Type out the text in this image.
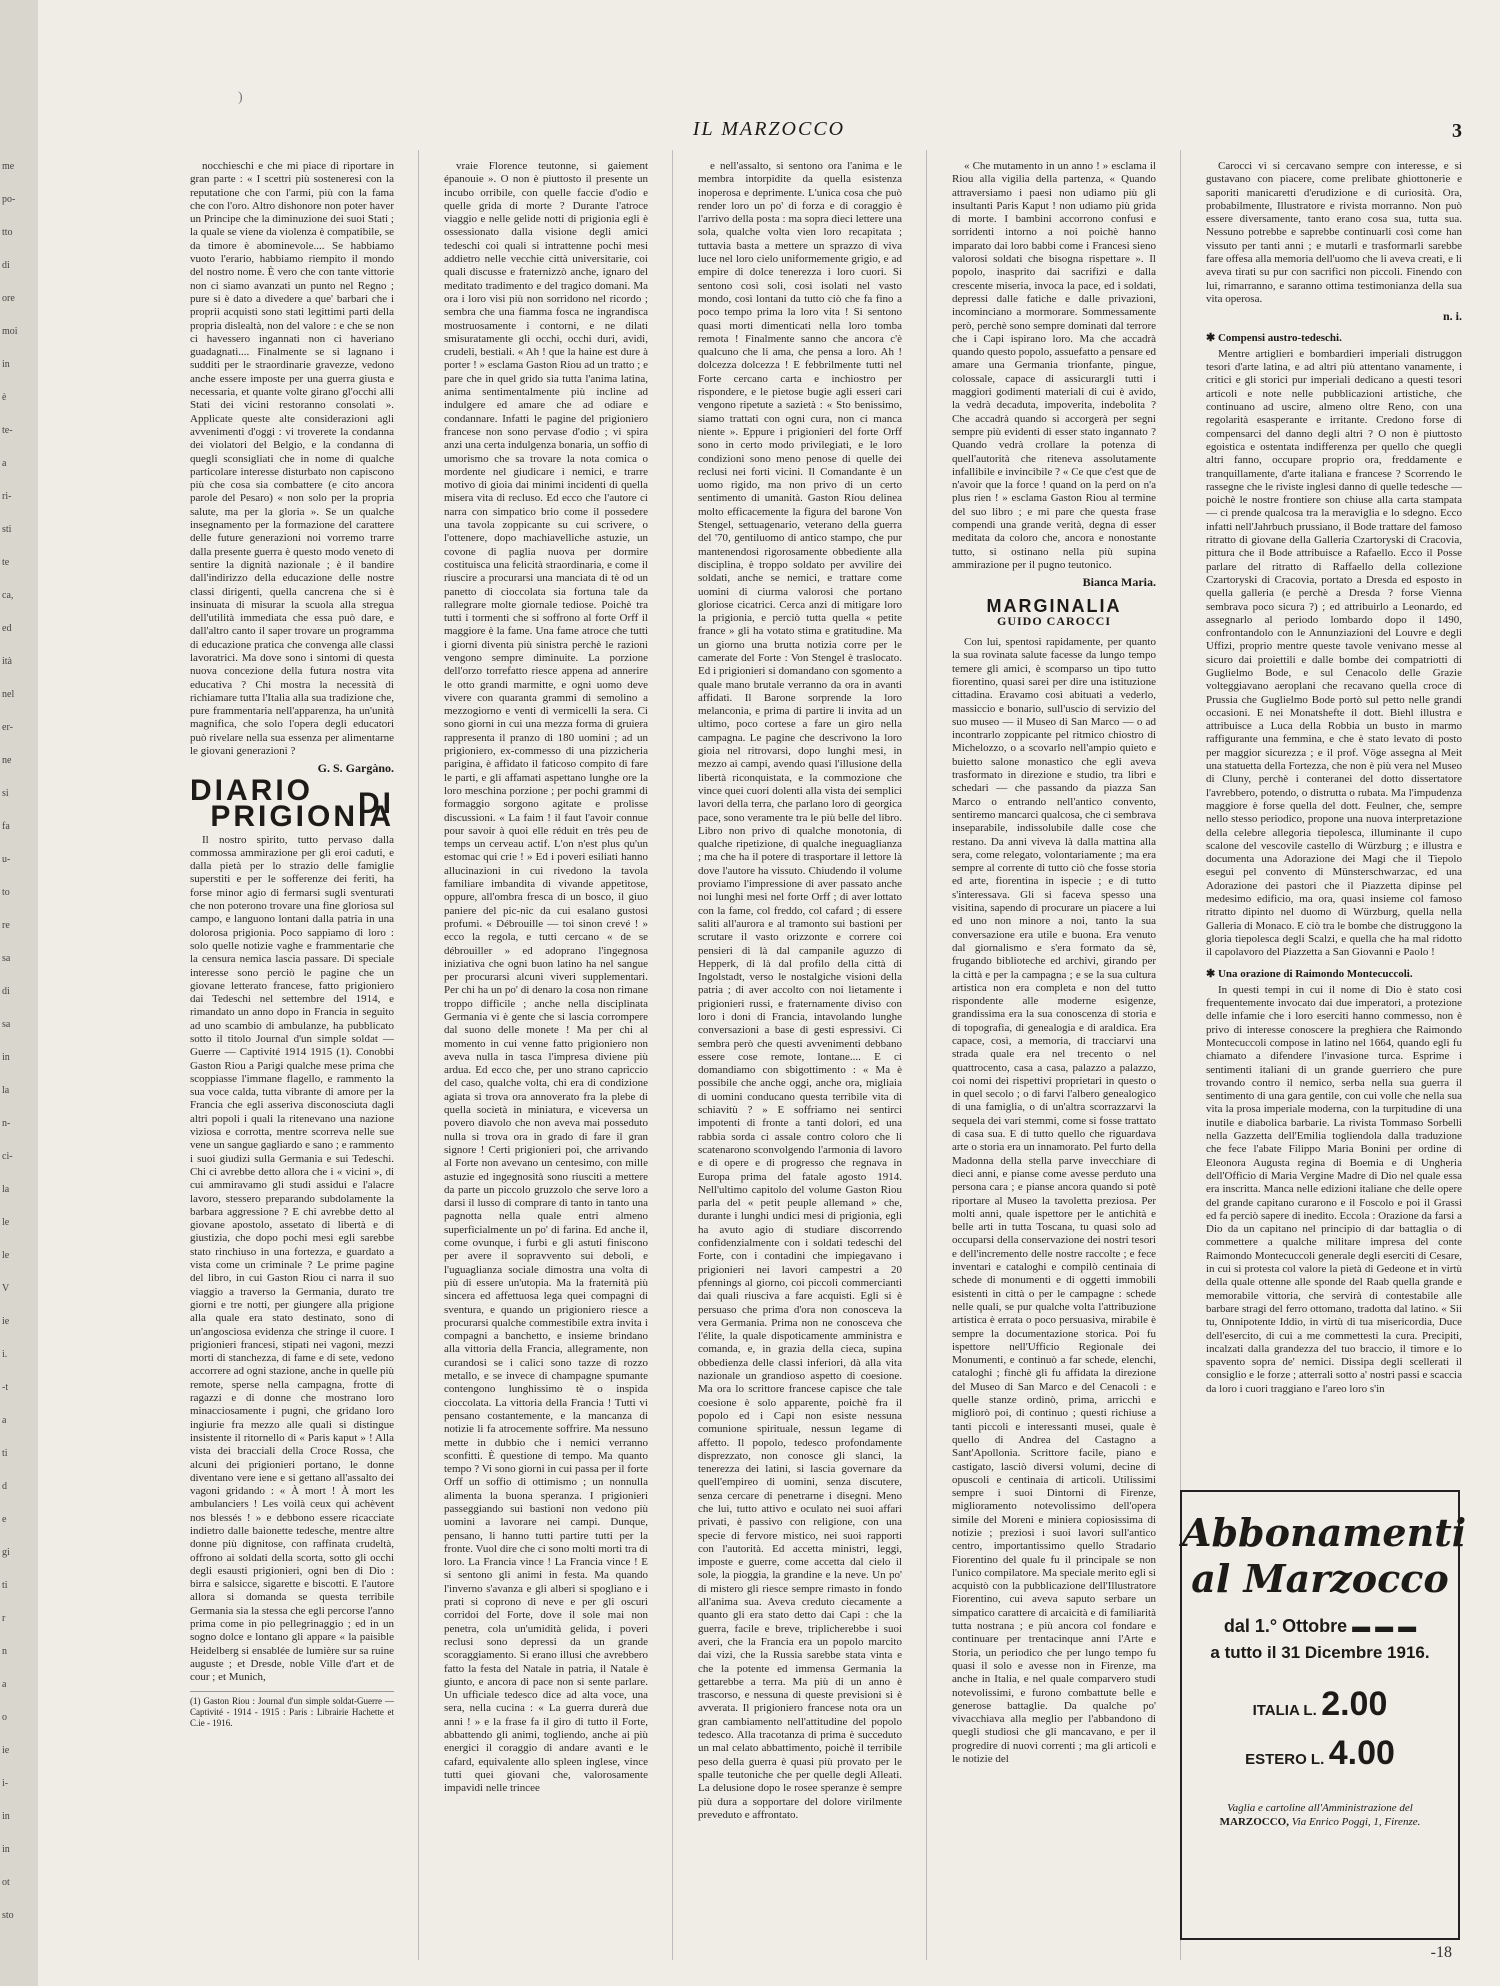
me
po-
tto
di
ore
moi
in
è
te-
a
ri-
sti
te
ca,
ed
ità
nel
er-
ne
si
fa
u-
to
re
sa
di
sa
in
la
n-
ci-
la
le
le
V
ie
i.
-t
a
ti
d
e
gi
ti
r
n
a
o
ie
i-
in
in
ot
sto
)
IL MARZOCCO	3

nocchieschi e che mi piace di riportare in gran parte : « I scettri più sosteneresi con la reputatione che con l'armi, più con la fama che con l'oro. Altro dishonore non poter haver un Principe che la diminuzione dei suoi Stati ; la quale se viene da violenza è compatibile, se da timore è abominevole.... Se habbiamo vuoto l'erario, habbiamo riempito il mondo del nostro nome. È vero che con tante vittorie non ci siamo avanzati un punto nel Regno ; pure si è dato a divedere a que' barbari che i proprii acquisti sono stati legittimi parti della propria dislealtà, non del valore : e che se non ci havessero ingannati non ci haveriano guadagnati.... Finalmente se si lagnano i sudditi per le straordinarie gravezze, vedono anche essere imposte per una guerra giusta e necessaria, et quante volte girano gl'occhi alli Stati dei vicini restoranno consolati ». Applicate queste alte considerazioni agli avvenimenti d'oggi : vi troverete la condanna dei violatori del Belgio, e la condanna di quegli sconsigliati che in nome di qualche particolare interesse disturbato non capiscono più che cosa sia combattere (e cito ancora parole del Pesaro) « non solo per la propria salute, ma per la gloria ». Se un qualche insegnamento per la formazione del carattere delle future generazioni noi vorremo trarre dalla presente guerra è questo modo veneto di sentire la dignità nazionale ; è il bandire dall'indirizzo della educazione delle nostre classi dirigenti, quella cancrena che si è insinuata di misurar la scuola alla stregua dell'utilità immediata che essa può dare, e dall'altro canto il saper trovare un programma di educazione pratica che convenga alle classi lavoratrici. Ma dove sono i sintomi di questa nuova concezione della futura nostra vita educativa ? Chi mostra la necessità di richiamare tutta l'Italia alla sua tradizione che, pure frammentaria nell'apparenza, ha un'unità magnifica, che solo l'opera degli educatori può rivelare nella sua essenza per alimentarne le giovani generazioni ?

G. S. Gargàno.
DIARIO	DI PRIGIONIA

Il nostro spirito, tutto pervaso dalla commossa ammirazione per gli eroi caduti, e dalla pietà per lo strazio delle famiglie superstiti e per le sofferenze dei feriti, ha forse minor agio di fermarsi sugli sventurati che non poterono trovare una fine gloriosa sul campo, e languono lontani dalla patria in una dolorosa prigionia. Poco sappiamo di loro : solo quelle notizie vaghe e frammentarie che la censura nemica lascia passare. Di speciale interesse sono perciò le pagine che un giovane letterato francese, fatto prigioniero dai Tedeschi nel settembre del 1914, e rimandato un anno dopo in Francia in seguito ad uno scambio di ambulanze, ha pubblicato sotto il titolo Journal d'un simple soldat — Guerre — Captivité 1914 1915 (1). Conobbi Gaston Riou a Parigi qualche mese prima che scoppiasse l'immane flagello, e rammento la sua voce calda, tutta vibrante di amore per la Francia che egli asseriva disconosciuta dagli altri popoli i quali la ritenevano una nazione viziosa e corrotta, mentre scorreva nelle sue vene un sangue gagliardo e sano ; e rammento i suoi giudizi sulla Germania e sui Tedeschi. Chi ci avrebbe detto allora che i « vicini », di cui ammiravamo gli studi assidui e l'alacre lavoro, stessero preparando subdolamente la barbara aggressione ? E chi avrebbe detto al giovane apostolo, assetato di libertà e di giustizia, che dopo pochi mesi egli sarebbe stato rinchiuso in una fortezza, e guardato a vista come un criminale ? Le prime pagine del libro, in cui Gaston Riou ci narra il suo viaggio a traverso la Germania, durato tre giorni e tre notti, per giungere alla prigione alla quale era stato destinato, sono di un'angosciosa evidenza che stringe il cuore. I prigionieri francesi, stipati nei vagoni, mezzi morti di stanchezza, di fame e di sete, vedono accorrere ad ogni stazione, anche in quelle più remote, sperse nella campagna, frotte di ragazzi e di donne che mostrano loro minacciosamente i pugni, che gridano loro ingiurie fra mezzo alle quali si distingue insistente il ritornello di « Paris kaput » ! Alla vista dei bracciali della Croce Rossa, che alcuni dei prigionieri portano, le donne diventano vere iene e si gettano all'assalto dei vagoni gridando : « À mort ! À mort les ambulanciers ! Les voilà ceux qui achèvent nos blessés ! » e debbono essere ricacciate indietro dalle baionette tedesche, mentre altre donne più dignitose, con raffinata crudeltà, offrono ai soldati della scorta, sotto gli occhi degli esausti prigionieri, ogni ben di Dio : birra e salsicce, sigarette e biscotti. E l'autore allora si domanda se questa terribile Germania sia la stessa che egli percorse l'anno prima come in pio pellegrinaggio ; ed in un sogno dolce e lontano gli appare « la paisible Heidelberg si ensablée de lumière sur sa ruine auguste ; et Dresde, noble Ville d'art et de cour ; et Munich,

(1) Gaston Riou : Journal d'un simple soldat-Guerre — Captivité - 1914 - 1915 : Paris : Librairie Hachette et C.ie - 1916.

vraie Florence teutonne, si gaiement épanouie ». O non è piuttosto il presente un incubo orribile, con quelle faccie d'odio e quelle grida di morte ? Durante l'atroce viaggio e nelle gelide notti di prigionia egli è ossessionato dalla visione degli amici tedeschi coi quali si intrattenne pochi mesi addietro nelle vecchie città universitarie, coi quali discusse e fraternizzò anche, ignaro del meditato tradimento e del tragico domani. Ma ora i loro visi più non sorridono nel ricordo ; sembra che una fiamma fosca ne ingrandisca mostruosamente i contorni, e ne dilati smisuratamente gli occhi, occhi duri, avidi, crudeli, bestiali. « Ah ! que la haine est dure à porter ! » esclama Gaston Riou ad un tratto ; e pare che in quel grido sia tutta l'anima latina, anima sentimentalmente più incline ad indulgere ed amare che ad odiare e condannare. Infatti le pagine del prigioniero francese non sono pervase d'odio ; vi spira anzi una certa indulgenza bonaria, un soffio di umorismo che sa trovare la nota comica o mordente nel giudicare i nemici, e trarre motivo di gioia dai minimi incidenti di quella misera vita di recluso. Ed ecco che l'autore ci narra con simpatico brio come il possedere una tavola zoppicante su cui scrivere, o l'ottenere, dopo machiavelliche astuzie, un covone di paglia nuova per dormire costituisca una felicità straordinaria, e come il riuscire a procurarsi una manciata di tè od un panetto di cioccolata sia fortuna tale da rallegrare molte giornale tediose. Poichè tra tutti i tormenti che si soffrono al forte Orff il maggiore è la fame. Una fame atroce che tutti i giorni diventa più sinistra perchè le razioni vengono sempre diminuite. La porzione dell'orzo torrefatto riesce appena ad annerire le otto grandi marmitte, e ogni uomo deve vivere con quaranta grammi di semolino a mezzogiorno e venti di vermicelli la sera. Ci sono giorni in cui una mezza forma di gruiera rappresenta il pranzo di 180 uomini ; ad un prigioniero, ex-commesso di una pizzicheria parigina, è affidato il faticoso compito di fare le parti, e gli affamati aspettano lunghe ore la loro meschina porzione ; per pochi grammi di formaggio sorgono agitate e prolisse discussioni. « La faim ! il faut l'avoir connue pour savoir à quoi elle réduit en très peu de temps un cerveau actif. L'on n'est plus qu'un estomac qui crie ! » Ed i poveri esiliati hanno allucinazioni in cui rivedono la tavola familiare imbandita di vivande appetitose, oppure, all'ombra fresca di un bosco, il giuo paniere del pic-nic da cui esalano gustosi profumi. « Débrouille — toi sinon crevé ! » ecco la regola, e tutti cercano « de se débrouiller » ed adoprano l'ingegnosa iniziativa che ogni buon latino ha nel sangue per procurarsi alcuni viveri supplementari. Per chi ha un po' di denaro la cosa non rimane troppo difficile ; anche nella disciplinata Germania vi è gente che si lascia corrompere dal suono delle monete ! Ma per chi al momento in cui venne fatto prigioniero non aveva nulla in tasca l'impresa diviene più ardua. Ed ecco che, per uno strano capriccio del caso, qualche volta, chi era di condizione agiata si trova ora annoverato fra la plebe di quella società in miniatura, e viceversa un povero diavolo che non aveva mai posseduto nulla si trova ora in grado di fare il gran signore ! Certi prigionieri poi, che arrivando al Forte non avevano un centesimo, con mille astuzie ed ingegnosità sono riusciti a mettere da parte un piccolo gruzzolo che serve loro a darsi il lusso di comprare di tanto in tanto una pagnotta nella quale entri almeno superficialmente un po' di farina. Ed anche il, come ovunque, i furbi e gli astuti finiscono per avere il sopravvento sui deboli, e l'uguaglianza sociale dimostra una volta di più di essere un'utopia. Ma la fraternità più sincera ed affettuosa lega quei compagni di sventura, e quando un prigioniero riesce a procurarsi qualche commestibile extra invita i compagni a banchetto, e insieme brindano alla vittoria della Francia, allegramente, non curandosi se i calici sono tazze di rozzo metallo, e se invece di champagne spumante contengono lunghissimo tè o inspida cioccolata. La vittoria della Francia ! Tutti vi pensano costantemente, e la mancanza di notizie li fa atrocemente soffrire. Ma nessuno mette in dubbio che i nemici verranno sconfitti. È questione di tempo. Ma quanto tempo ? Vi sono giorni in cui passa per il forte Orff un soffio di ottimismo ; un nonnulla alimenta la buona speranza. I prigionieri passeggiando sui bastioni non vedono più uomini a lavorare nei campi. Dunque, pensano, li hanno tutti partire tutti per la fronte. Vuol dire che ci sono molti morti tra di loro. La Francia vince ! La Francia vince ! E si sentono gli animi in festa. Ma quando l'inverno s'avanza e gli alberi si spogliano e i prati si coprono di neve e per gli oscuri corridoi del Forte, dove il sole mai non penetra, cola un'umidità gelida, i poveri reclusi sono depressi da un grande scoraggiamento. Si erano illusi che avrebbero fatto la festa del Natale in patria, il Natale è giunto, e ancora di pace non si sente parlare. Un ufficiale tedesco dice ad alta voce, una sera, nella cucina : « La guerra durerà due anni ! » e la frase fa il giro di tutto il Forte, abbattendo gli animi, togliendo, anche ai più energici il coraggio di andare avanti e le cafard, equivalente allo spleen inglese, vince tutti quei giovani che, valorosamente impavidi nelle trincee

e nell'assalto, si sentono ora l'anima e le membra intorpidite da quella esistenza inoperosa e deprimente. L'unica cosa che può render loro un po' di forza e di coraggio è l'arrivo della posta : ma sopra dieci lettere una sola, qualche volta vien loro recapitata ; tuttavia basta a mettere un sprazzo di viva luce nel loro cielo uniformemente grigio, e ad empire di dolce tenerezza i loro cuori. Si sentono così soli, così isolati nel vasto mondo, così lontani da tutto ciò che fa fino a poco tempo prima la loro vita ! Si sentono quasi morti dimenticati nella loro tomba remota ! Finalmente sanno che ancora c'è qualcuno che li ama, che pensa a loro. Ah ! dolcezza dolcezza ! E febbrilmente tutti nel Forte cercano carta e inchiostro per rispondere, e le pietose bugie agli esseri cari vengono ripetute a sazietà : « Sto benissimo, siamo trattati con ogni cura, non ci manca niente ». Eppure i prigionieri del forte Orff sono in certo modo privilegiati, e le loro condizioni sono meno penose di quelle dei reclusi nei forti vicini. Il Comandante è un uomo rigido, ma non privo di un certo sentimento di umanità. Gaston Riou delinea molto efficacemente la figura del barone Von Stengel, settuagenario, veterano della guerra del '70, gentiluomo di antico stampo, che pur mantenendosi rigorosamente obbediente alla disciplina, è troppo soldato per avvilire dei soldati, anche se nemici, e trattare come uomini di ciurma valorosi che portano gloriose cicatrici. Cerca anzi di mitigare loro la prigionia, e perciò tutta quella « petite france » gli ha votato stima e gratitudine. Ma un giorno una brutta notizia corre per le camerate del Forte : Von Stengel è traslocato. Ed i prigionieri si domandano con sgomento a quale mano brutale verranno da ora in avanti affidati. Il Barone sorprende la loro melanconia, e prima di partire li invita ad un ultimo, poco cortese a fare un giro nella campagna. Le pagine che descrivono la loro gioia nel ritrovarsi, dopo lunghi mesi, in mezzo ai campi, avendo quasi l'illusione della libertà riconquistata, e la commozione che vince quei cuori dolenti alla vista dei semplici lavori della terra, che parlano loro di georgica pace, sono veramente tra le più belle del libro. Libro non privo di qualche monotonia, di qualche ripetizione, di qualche ineguaglianza ; ma che ha il potere di trasportare il lettore là dove l'autore ha vissuto. Chiudendo il volume proviamo l'impressione di aver passato anche noi lunghi mesi nel forte Orff ; di aver lottato con la fame, col freddo, col cafard ; di essere saliti all'aurora e al tramonto sui bastioni per scrutare il vasto orizzonte e correre coi pensieri di là dal campanile aguzzo di Hepperk, di là dal profilo della città di Ingolstadt, verso le nostalgiche visioni della patria ; di aver accolto con noi lietamente i prigionieri russi, e fraternamente diviso con loro i doni di Francia, intavolando lunghe conversazioni a base di gesti espressivi. Ci sembra però che questi avvenimenti debbano essere cose remote, lontane.... E ci domandiamo con sbigottimento : « Ma è possibile che anche oggi, anche ora, migliaia di uomini conducano questa terribile vita di schiavitù ? » E soffriamo nei sentirci impotenti di fronte a tanti dolori, ed una rabbia sorda ci assale contro coloro che li scatenarono sconvolgendo l'armonia di lavoro e di opere e di progresso che regnava in Europa prima del fatale agosto 1914. Nell'ultimo capitolo del volume Gaston Riou parla del « petit peuple allemand » che, durante i lunghi undici mesi di prigionia, egli ha avuto agio di studiare discorrendo confidenzialmente con i soldati tedeschi del Forte, con i contadini che impiegavano i prigionieri nei lavori campestri a 20 pfennings al giorno, coi piccoli commercianti dai quali riusciva a fare acquisti. Egli si è persuaso che prima d'ora non conosceva la vera Germania. Prima non ne conosceva che l'élite, la quale dispoticamente amministra e comanda, e, in grazia della cieca, supina obbedienza delle classi inferiori, dà alla vita nazionale un grandioso aspetto di coesione. Ma ora lo scrittore francese capisce che tale coesione è solo apparente, poichè fra il popolo ed i Capi non esiste nessuna comunione spirituale, nessun legame di affetto. Il popolo, tedesco profondamente disprezzato, non conosce gli slanci, la tenerezza dei latini, si lascia governare da quell'empireo di uomini, senza discutere, senza cercare di penetrarne i disegni. Meno che lui, tutto attivo e oculato nei suoi affari privati, è passivo con religione, con una specie di fervore mistico, nei suoi rapporti con l'autorità. Ed accetta ministri, leggi, imposte e guerre, come accetta dal cielo il sole, la pioggia, la grandine e la neve. Un po' di mistero gli riesce sempre rimasto in fondo all'anima sua. Aveva creduto ciecamente a quanto gli era stato detto dai Capi : che la guerra, facile e breve, triplicherebbe i suoi averi, che la Francia era un popolo marcito dai vizi, che la Russia sarebbe stata vinta e che la potente ed immensa Germania la gettarebbe a terra. Ma più di un anno è trascorso, e nessuna di queste previsioni si è avverata. Il prigioniero francese nota ora un gran cambiamento nell'attitudine del popolo tedesco. Alla tracotanza di prima è succeduto un mal celato abbattimento, poichè il terribile peso della guerra è quasi più provato per le spalle teutoniche che per quelle degli Alleati. La delusione dopo le rosee speranze è sempre più dura a sopportare del dolore virilmente preveduto e affrontato.

« Che mutamento in un anno ! » esclama il Riou alla vigilia della partenza, « Quando attraversiamo i paesi non udiamo più gli insultanti Paris Kaput ! non udiamo più grida di morte. I bambini accorrono confusi e sorridenti intorno a noi poichè hanno imparato dai loro babbi come i Francesi sieno valorosi soldati che bisogna rispettare ». Il popolo, inasprito dai sacrifizi e dalla crescente miseria, invoca la pace, ed i soldati, depressi dalle fatiche e dalle privazioni, incominciano a mormorare. Sommessamente però, perchè sono sempre dominati dal terrore che i Capi ispirano loro. Ma che accadrà quando questo popolo, assuefatto a pensare ed amare una Germania trionfante, pingue, colossale, capace di assicurargli tutti i maggiori godimenti materiali di cui è avido, la vedrà decaduta, impoverita, indebolita ? Che accadrà quando si accorgerà per segni sempre più evidenti di esser stato ingannato ? Quando vedrà crollare la potenza di quell'autorità che riteneva assolutamente infallibile e invincibile ? « Ce que c'est que de n'avoir que la force ! quand on la perd on n'a plus rien ! » esclama Gaston Riou al termine del suo libro ; e mi pare che questa frase compendi una grande verità, degna di esser meditata da coloro che, ancora e nonostante tutto, si ostinano nella più supina ammirazione per il pugno teutonico.

Bianca Maria.
MARGINALIA
GUIDO CAROCCI

Con lui, spentosi rapidamente, per quanto la sua rovinata salute facesse da lungo tempo temere gli amici, è scomparso un tipo tutto fiorentino, quasi sarei per dire una istituzione cittadina. Eravamo così abituati a vederlo, massiccio e bonario, sull'uscio di servizio del suo museo — il Museo di San Marco — o ad incontrarlo zoppicante pel ritmico chiostro di Michelozzo, o a scovarlo nell'ampio quieto e buietto salone monastico che egli aveva trasformato in direzione e studio, tra libri e schedari — che passando da piazza San Marco o entrando nell'antico convento, sentiremo mancarci qualcosa, che ci sembrava inseparabile, indissolubile dalle cose che restano. Da anni viveva là dalla mattina alla sera, come relegato, volontariamente ; ma era sempre al corrente di tutto ciò che fosse storia ed arte, fiorentina in ispecie ; e di tutto s'interessava. Gli si faceva spesso una visitina, sapendo di procurare un piacere a lui ed uno non minore a noi, tanto la sua conversazione era utile e buona. Era venuto dal giornalismo e s'era formato da sè, frugando biblioteche ed archivi, girando per la città e per la campagna ; e se la sua cultura artistica non era completa e non del tutto rispondente alle moderne esigenze, grandissima era la sua conoscenza di storia e di topografia, di genealogia e di araldica. Era capace, così, a memoria, di tracciarvi una strada quale era nel trecento o nel quattrocento, casa a casa, palazzo a palazzo, coi nomi dei rispettivi proprietari in questo o in quel secolo ; o di farvi l'albero genealogico di una famiglia, o di un'altra scorrazzarvi la sequela dei vari stemmi, come si fosse trattato di casa sua. E di tutto quello che riguardava arte o storia era un innamorato. Pel furto della Madonna della stella parve invecchiare di dieci anni, e pianse come avesse perduto una persona cara ; e pianse ancora quando si potè riportare al Museo la tavoletta preziosa. Per molti anni, quale ispettore per le antichità e belle arti in tutta Toscana, tu quasi solo ad occuparsi della conservazione dei nostri tesori e dell'incremento delle nostre raccolte ; e fece inventari e cataloghi e compilò centinaia di schede di monumenti e di oggetti immobili esistenti in città o per le campagne : schede nelle quali, se pur qualche volta l'attribuzione artistica è errata o poco persuasiva, mirabile è sempre la documentazione storica. Poi fu ispettore nell'Ufficio Regionale dei Monumenti, e continuò a far schede, elenchi, cataloghi ; finchè gli fu affidata la direzione del Museo di San Marco e del Cenacoli : e quelle stanze ordinò, prima, arricchì e migliorò poi, di continuo ; questi richiuse a tanti piccoli e interessanti musei, quale è quello di Andrea del Castagno a Sant'Apollonia. Scrittore facile, piano e castigato, lasciò diversi volumi, decine di opuscoli e centinaia di articoli. Utilissimi sempre i suoi Dintorni di Firenze, miglioramento notevolissimo dell'opera simile del Moreni e miniera copiosissima di notizie ; preziosi i suoi lavori sull'antico centro, importantissimo quello Stradario Fiorentino del quale fu il principale se non l'unico compilatore. Ma speciale merito egli si acquistò con la pubblicazione dell'Illustratore Fiorentino, cui aveva saputo serbare un simpatico carattere di arcaicità e di familiarità tutta nostrana ; e più ancora col fondare e continuare per trentacinque anni l'Arte e Storia, un periodico che per lungo tempo fu quasi il solo e avesse non in Firenze, ma anche in Italia, e nel quale comparvero studi notevolissimi, e furono combattute belle e generose battaglie. Da qualche po' vivacchiava alla meglio per l'abbandono di quegli studiosi che gli mancavano, e per il progredire di nuovi correnti ; ma gli articoli e le notizie del

Carocci vi si cercavano sempre con interesse, e si gustavano con piacere, come prelibate ghiottonerie e saporiti manicaretti d'erudizione e di curiosità. Ora, probabilmente, Illustratore e rivista morranno. Non può essere diversamente, tanto erano cosa sua, tutta sua. Nessuno potrebbe e saprebbe continuarli così come han vissuto per tanti anni ; e mutarli e trasformarli sarebbe fare offesa alla memoria dell'uomo che li aveva creati, e li aveva tirati su pur con sacrifici non piccoli. Finendo con lui, rimarranno, e saranno ottima testimonianza della sua vita operosa.

n. i.
✱ Compensi austro-tedeschi.

Mentre artiglieri e bombardieri imperiali distruggon tesori d'arte latina, e ad altri più attentano vanamente, i critici e gli storici pur imperiali dedicano a questi tesori articoli e note nelle pubblicazioni artistiche, che continuano ad uscire, almeno oltre Reno, con una regolarità esasperante e irritante. Credono forse di compensarci del danno degli altri ? O non è piuttosto egoistica e ostentata indifferenza per quello che quegli altri fanno, occupare proprio ora, freddamente e tranquillamente, d'arte italiana e francese ? Scorrendo le rassegne che le riviste inglesi danno di quelle tedesche — poichè le nostre frontiere son chiuse alla carta stampata — ci prende qualcosa tra la meraviglia e lo sdegno. Ecco infatti nell'Jahrbuch prussiano, il Bode trattare del famoso ritratto di giovane della Galleria Czartoryski di Cracovia, pittura che il Bode attribuisce a Rafaello. Ecco il Posse parlare del ritratto di Raffaello della collezione Czartoryski di Cracovia, portato a Dresda ed esposto in quella galleria (e perchè a Dresda ? forse Vienna sembrava poco sicura ?) ; ed attribuirlo a Leonardo, ed assegnarlo al periodo lombardo dopo il 1490, confrontandolo con le Annunziazioni del Louvre e degli Uffizi, proprio mentre queste tavole venivano messe al sicuro dai proiettili e dalle bombe dei compatriotti di Guglielmo Bode, e sul Cenacolo delle Grazie volteggiavano aeroplani che recavano quella croce di Prussia che Guglielmo Bode portò sul petto nelle grandi occasioni. E nei Monatshefte il dott. Biehl illustra e attribuisce a Luca della Robbia un busto in marmo raffigurante una femmina, e che è stato levato di posto per maggior sicurezza ; e il prof. Vöge assegna al Meit una statuetta della Fortezza, che non è più vera nel Museo di Cluny, perchè i conteranei del dotto dissertatore l'avrebbero, potendo, o distrutta o rubata. Ma l'impudenza maggiore è forse quella del dott. Feulner, che, sempre nello stesso periodico, propone una nuova interpretazione della celebre allegoria tiepolesca, illuminante il cupo scalone del vescovile castello di Würzburg ; e illustra e documenta una Adorazione dei Magi che il Tiepolo eseguì pel convento di Münsterschwarzac, ed una Adorazione dei pastori che il Piazzetta dipinse pel medesimo edificio, ma ora, quasi insieme col famoso ritratto dipinto nel duomo di Würzburg, quella nella Galleria di Monaco. E ciò tra le bombe che distruggono la gloria tiepolesca degli Scalzi, e quella che ha mal ridotto il capolavoro del Piazzetta a San Giovanni e Paolo !

✱ Una orazione di Raimondo Montecuccoli.

In questi tempi in cui il nome di Dio è stato così frequentemente invocato dai due imperatori, a protezione delle infamie che i loro eserciti hanno commesso, non è privo di interesse conoscere la preghiera che Raimondo Montecuccoli compose in latino nel 1664, quando egli fu chiamato a difendere l'invasione turca. Esprime i sentimenti italiani di un grande guerriero che pure trovando contro il nemico, serba nella sua guerra il sentimento di una gara gentile, con cui volle che nella sua vita la prosa imperiale moderna, con la turpitudine di una inutile e diabolica barbarie. La rivista Tommaso Sorbelli nella Gazzetta dell'Emilia togliendola dalla traduzione che fece l'abate Filippo Maria Bonini per ordine di Eleonora Augusta regina di Boemia e di Ungheria dell'Officio di Maria Vergine Madre di Dio nel quale essa era inscritta. Manca nelle edizioni italiane che delle opere del grande capitano curarono e il Foscolo e poi il Grassi ed fa perciò sapere di inedito. Eccola : Orazione da farsi a Dio da un capitano nel principio di dar battaglia o di commettere a qualche militare impresa del conte Raimondo Montecuccoli generale degli eserciti di Cesare, in cui si protesta col valore la pietà di Gedeone et in virtù della quale ottenne alle sponde del Raab quella grande e memorabile vittoria, che servirà di contestabile alle barbare stragi del ferro ottomano, tradotta dal latino. « Sii tu, Onnipotente Iddio, in virtù di tua misericordia, Duce dell'esercito, di cui a me commettesti la cura. Precipiti, incalzati dalla grandezza del tuo braccio, il timore e lo spavento sopra de' nemici. Dissipa degli scellerati il consiglio e le forze ; atterrali sotto a' nostri passi e scaccia da loro i cuori traggiano e l'areo loro s'in

Abbonamenti
al Marzocco
dal 1.° Ottobre ▬ ▬ ▬
a tutto il 31 Dicembre 1916.
ITALIA L. 2.00
ESTERO L. 4.00
Vaglia e cartoline all'Amministrazione del MARZOCCO, Via Enrico Poggi, 1, Firenze.
-18
